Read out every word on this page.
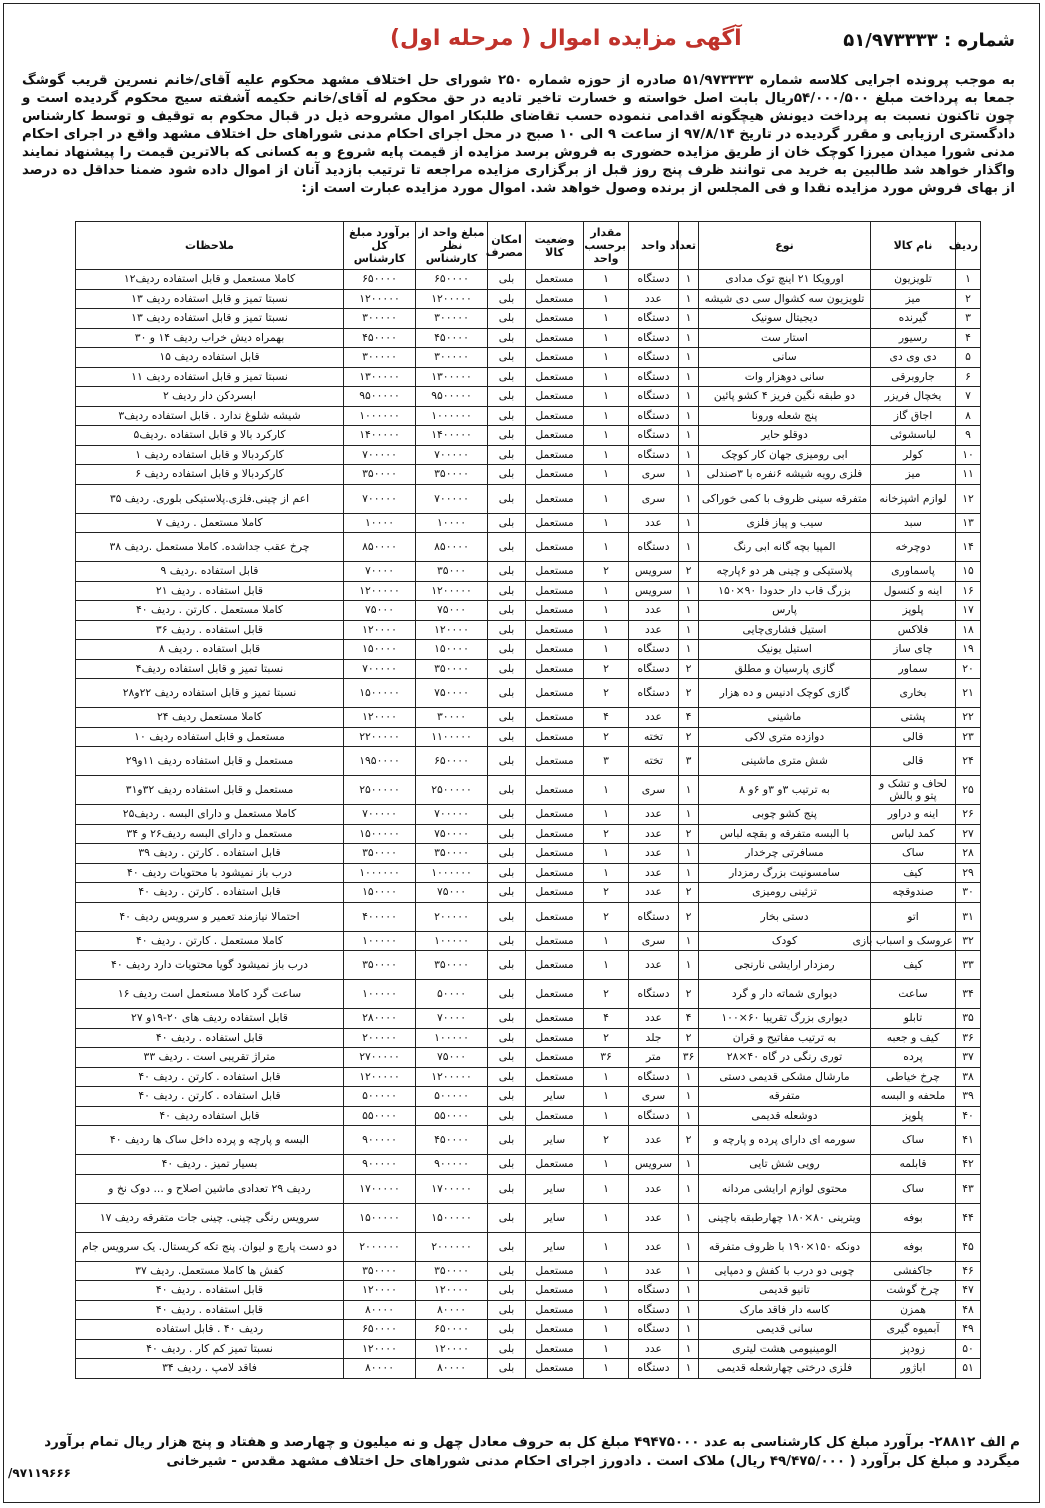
شماره : ۵۱/۹۷۳۳۳۳
آگهی مزایده اموال ( مرحله اول)
به موجب پرونده اجرایی کلاسه شماره ۵۱/۹۷۳۳۳۳ صادره از حوزه شماره ۲۵۰ شورای حل اختلاف مشهد محکوم علیه آقای/خانم نسرین قریب گوشگ جمعا به پرداخت مبلغ ۵۴/۰۰۰/۵۰۰ریال بابت اصل خواسته و خسارت تاخیر تادیه در حق محکوم له آقای/خانم حکیمه آشفته سیج محکوم گردیده است و چون تاکنون نسبت به پرداخت دیونش هیچگونه اقدامی ننموده حسب تقاضای طلبکار اموال مشروحه ذیل در قبال محکوم به توقیف و توسط کارشناس دادگستری ارزیابی و مقرر گردیده در تاریخ ۹۷/۸/۱۴ از ساعت ۹ الی ۱۰ صبح در محل اجرای احکام مدنی شوراهای حل اختلاف مشهد واقع در اجرای احکام مدنی شورا میدان میرزا کوچک خان از طریق مزایده حضوری به فروش برسد مزایده از قیمت پایه شروع و به کسانی که بالاترین قیمت را پیشنهاد نمایند واگذار خواهد شد طالبین به خرید می توانند ظرف پنج روز قبل از برگزاری مزایده مراجعه تا ترتیب بازدید آنان از اموال داده شود ضمنا حداقل ده درصد از بهای فروش مورد مزایده نقدا و فی المجلس از برنده وصول خواهد شد. اموال مورد مزایده عبارت است از:
ردیف	نام کالا	نوع	تعداد	واحد	مقدار برحسب واحد	وضعیت کالا	امکان مصرف	مبلغ واحد از نظر کارشناس	برآورد مبلغ کل کارشناس	ملاحظات
۱	تلویزیون	اورویکا ۲۱ اینچ توک مدادی	۱	دستگاه	۱	مستعمل	بلی	۶۵۰۰۰۰	۶۵۰۰۰۰	کاملا مستعمل و قابل استفاده ردیف۱۲
۲	میز	تلویزیون سه کشوال سی دی شیشه	۱	عدد	۱	مستعمل	بلی	۱۲۰۰۰۰۰	۱۲۰۰۰۰۰	نسبتا تمیز و قابل استفاده ردیف ۱۳
۳	گیرنده	دیجیتال سونیک	۱	دستگاه	۱	مستعمل	بلی	۳۰۰۰۰۰	۳۰۰۰۰۰	نسبتا تمیز و قابل استفاده ردیف ۱۳
۴	رسیور	استار ست	۱	دستگاه	۱	مستعمل	بلی	۴۵۰۰۰۰	۴۵۰۰۰۰	بهمراه دیش خراب ردیف ۱۴ و ۳۰
۵	دی وی دی	سانی	۱	دستگاه	۱	مستعمل	بلی	۳۰۰۰۰۰	۳۰۰۰۰۰	قابل استفاده ردیف ۱۵
۶	جاروبرقی	سانی دوهزار وات	۱	دستگاه	۱	مستعمل	بلی	۱۳۰۰۰۰۰	۱۳۰۰۰۰۰	نسبتا تمیز و قابل استفاده ردیف ۱۱
۷	یخچال فریزر	دو طبقه نگین فریز ۴ کشو پائین	۱	دستگاه	۱	مستعمل	بلی	۹۵۰۰۰۰۰	۹۵۰۰۰۰۰	ابسردکن دار ردیف ۲
۸	اجاق گاز	پنج شعله ورونا	۱	دستگاه	۱	مستعمل	بلی	۱۰۰۰۰۰۰	۱۰۰۰۰۰۰	شیشه شلوغ ندارد . قابل استفاده ردیف۳
۹	لباسشوئی	دوقلو حایر	۱	دستگاه	۱	مستعمل	بلی	۱۴۰۰۰۰۰	۱۴۰۰۰۰۰	کارکرد بالا و قابل استفاده .ردیف۵
۱۰	کولر	ابی رومیزی جهان کار کوچک	۱	دستگاه	۱	مستعمل	بلی	۷۰۰۰۰۰	۷۰۰۰۰۰	کارکردبالا و قابل استفاده ردیف ۱
۱۱	میز	فلزی رویه شیشه ۶نفره با ۳صندلی	۱	سری	۱	مستعمل	بلی	۳۵۰۰۰۰	۳۵۰۰۰۰	کارکردبالا و قابل استفاده ردیف ۶
۱۲	لوازم اشپزخانه	متفرقه سینی ظروف با کمی خوراکی	۱	سری	۱	مستعمل	بلی	۷۰۰۰۰۰	۷۰۰۰۰۰	اعم از چینی.فلزی.پلاستیکی بلوری. ردیف ۳۵
۱۳	سبد	سیب و پیاز فلزی	۱	عدد	۱	مستعمل	بلی	۱۰۰۰۰	۱۰۰۰۰	کاملا مستعمل . ردیف ۷
۱۴	دوچرخه	المپیا بچه گانه ابی رنگ	۱	دستگاه	۱	مستعمل	بلی	۸۵۰۰۰۰	۸۵۰۰۰۰	چرخ عقب جداشده. کاملا مستعمل .ردیف ۳۸
۱۵	پاسماوری	پلاستیکی و چینی هر دو ۶پارچه	۲	سرویس	۲	مستعمل	بلی	۳۵۰۰۰	۷۰۰۰۰	قابل استفاده .ردیف ۹
۱۶	اینه و کنسول	بزرگ قاب دار حدودا ۹۰×۱۵۰	۱	سرویس	۱	مستعمل	بلی	۱۲۰۰۰۰۰	۱۲۰۰۰۰۰	قابل استفاده . ردیف ۲۱
۱۷	پلوپز	پارس	۱	عدد	۱	مستعمل	بلی	۷۵۰۰۰	۷۵۰۰۰	کاملا مستعمل . کارتن . ردیف ۴۰
۱۸	فلاکس	استیل فشاری‌چایی	۱	عدد	۱	مستعمل	بلی	۱۲۰۰۰۰	۱۲۰۰۰۰	قابل استفاده . ردیف ۳۶
۱۹	چای ساز	استیل یونیک	۱	دستگاه	۱	مستعمل	بلی	۱۵۰۰۰۰	۱۵۰۰۰۰	قابل استفاده . ردیف ۸
۲۰	سماور	گازی پارسیان و مطلق	۲	دستگاه	۲	مستعمل	بلی	۳۵۰۰۰۰	۷۰۰۰۰۰	نسبتا تمیز و قابل استفاده ردیف۴
۲۱	بخاری	گازی کوچک ادنیس و ده هزار	۲	دستگاه	۲	مستعمل	بلی	۷۵۰۰۰۰	۱۵۰۰۰۰۰	نسبتا تمیز و قابل استفاده ردیف ۲۲و۲۸
۲۲	پشتی	ماشینی	۴	عدد	۴	مستعمل	بلی	۳۰۰۰۰	۱۲۰۰۰۰	کاملا مستعمل ردیف ۲۴
۲۳	قالی	دوازده متری لاکی	۲	تخته	۲	مستعمل	بلی	۱۱۰۰۰۰۰	۲۲۰۰۰۰۰	مستعمل و قابل استفاده ردیف ۱۰
۲۴	قالی	شش متری ماشینی	۳	تخته	۳	مستعمل	بلی	۶۵۰۰۰۰	۱۹۵۰۰۰۰	مستعمل و قابل استفاده ردیف ۱۱و۲۹
۲۵	لحاف و تشک و پتو و بالش	به ترتیب ۳و ۳و ۶و ۸	۱	سری	۱	مستعمل	بلی	۲۵۰۰۰۰۰	۲۵۰۰۰۰۰	مستعمل و قابل استفاده ردیف ۳۲و۳۱
۲۶	اینه و دراور	پنج کشو چوبی	۱	عدد	۱	مستعمل	بلی	۷۰۰۰۰۰	۷۰۰۰۰۰	کاملا مستعمل و دارای البسه . ردیف۲۵
۲۷	کمد لباس	با البسه متفرقه و بقچه لباس	۲	عدد	۲	مستعمل	بلی	۷۵۰۰۰۰	۱۵۰۰۰۰۰	مستعمل و دارای البسه ردیف۲۶ و ۳۴
۲۸	ساک	مسافرتی چرخدار	۱	عدد	۱	مستعمل	بلی	۳۵۰۰۰۰	۳۵۰۰۰۰	قابل استفاده . کارتن . ردیف ۳۹
۲۹	کیف	سامسونیت بزرگ رمزدار	۱	عدد	۱	مستعمل	بلی	۱۰۰۰۰۰۰	۱۰۰۰۰۰۰	درب باز نمیشود با محتویات ردیف ۴۰
۳۰	صندوقچه	تزئینی رومیزی	۲	عدد	۲	مستعمل	بلی	۷۵۰۰۰	۱۵۰۰۰۰	قابل استفاده . کارتن . ردیف ۴۰
۳۱	اتو	دستی بخار	۲	دستگاه	۲	مستعمل	بلی	۲۰۰۰۰۰	۴۰۰۰۰۰	احتمالا نیازمند تعمیر و سرویس ردیف ۴۰
۳۲	عروسک و اسباب بازی	کودک	۱	سری	۱	مستعمل	بلی	۱۰۰۰۰۰	۱۰۰۰۰۰	کاملا مستعمل . کارتن . ردیف ۴۰
۳۳	کیف	رمزدار ارایشی نارنجی	۱	عدد	۱	مستعمل	بلی	۳۵۰۰۰۰	۳۵۰۰۰۰	درب باز نمیشود گویا محتویات دارد ردیف ۴۰
۳۴	ساعت	دیواری شماته دار و گرد	۲	دستگاه	۲	مستعمل	بلی	۵۰۰۰۰	۱۰۰۰۰۰	ساعت گرد کاملا مستعمل است ردیف ۱۶
۳۵	تابلو	دیواری بزرگ تقریبا ۶۰×۱۰۰	۴	عدد	۴	مستعمل	بلی	۷۰۰۰۰	۲۸۰۰۰۰	قابل استفاده ردیف های ۲۰-۱۹و ۲۷
۳۶	کیف و جعبه	به ترتیب مفاتیح و قران	۲	جلد	۲	مستعمل	بلی	۱۰۰۰۰۰	۲۰۰۰۰۰	قابل استفاده . ردیف ۴۰
۳۷	پرده	توری رنگی در گاه ۴۰×۲۸	۳۶	متر	۳۶	مستعمل	بلی	۷۵۰۰۰	۲۷۰۰۰۰۰	متراژ تقریبی است . ردیف ۳۳
۳۸	چرخ خیاطی	مارشال مشکی قدیمی دستی	۱	دستگاه	۱	مستعمل	بلی	۱۲۰۰۰۰۰	۱۲۰۰۰۰۰	قابل استفاده . کارتن . ردیف ۴۰
۳۹	ملحفه و البسه	متفرقه	۱	سری	۱	سایر	بلی	۵۰۰۰۰۰	۵۰۰۰۰۰	قابل استفاده . کارتن . ردیف ۴۰
۴۰	پلوپز	دوشعله قدیمی	۱	دستگاه	۱	مستعمل	بلی	۵۵۰۰۰۰	۵۵۰۰۰۰	قابل استفاده ردیف ۴۰
۴۱	ساک	سورمه ای دارای پرده و پارچه و	۲	عدد	۲	سایر	بلی	۴۵۰۰۰۰	۹۰۰۰۰۰	البسه و پارچه و پرده داخل ساک ها ردیف ۴۰
۴۲	قابلمه	رویی شش تایی	۱	سرویس	۱	مستعمل	بلی	۹۰۰۰۰۰	۹۰۰۰۰۰	بسیار تمیز . ردیف ۴۰
۴۳	ساک	محتوی لوازم ارایشی مردانه	۱	عدد	۱	سایر	بلی	۱۷۰۰۰۰۰	۱۷۰۰۰۰۰	ردیف ۲۹ تعدادی ماشین اصلاح و ... دوک نخ و
۴۴	بوفه	ویترینی ۸۰×۱۸۰ چهارطبقه باچینی	۱	عدد	۱	سایر	بلی	۱۵۰۰۰۰۰	۱۵۰۰۰۰۰	سرویس رنگی چینی. چینی جات متفرقه ردیف ۱۷
۴۵	بوفه	دونکه ۱۵۰×۱۹۰ با ظروف متفرقه	۱	عدد	۱	سایر	بلی	۲۰۰۰۰۰۰	۲۰۰۰۰۰۰	دو دست پارچ و لیوان. پنج تکه کریستال. یک سرویس جام
۴۶	جاکفشی	چوبی دو درب با کفش و دمپایی	۱	عدد	۱	مستعمل	بلی	۳۵۰۰۰۰	۳۵۰۰۰۰	کفش ها کاملا مستعمل. ردیف ۳۷
۴۷	چرخ گوشت	تانیو قدیمی	۱	دستگاه	۱	مستعمل	بلی	۱۲۰۰۰۰	۱۲۰۰۰۰	قابل استفاده . ردیف ۴۰
۴۸	همزن	کاسه دار فاقد مارک	۱	دستگاه	۱	مستعمل	بلی	۸۰۰۰۰	۸۰۰۰۰	قابل استفاده . ردیف ۴۰
۴۹	آبمیوه گیری	سانی قدیمی	۱	دستگاه	۱	مستعمل	بلی	۶۵۰۰۰۰	۶۵۰۰۰۰	ردیف ۴۰ . قابل استفاده
۵۰	زودپز	الومینیومی هشت لیتری	۱	عدد	۱	مستعمل	بلی	۱۲۰۰۰۰	۱۲۰۰۰۰	نسبتا تمیز کم کار . ردیف ۴۰
۵۱	اباژور	فلزی درختی چهارشعله قدیمی	۱	دستگاه	۱	مستعمل	بلی	۸۰۰۰۰	۸۰۰۰۰	فاقد لامپ . ردیف ۳۴
م الف ۲۸۸۱۲- برآورد مبلغ کل کارشناسی به عدد ۴۹۴۷۵۰۰۰ مبلغ کل به حروف معادل چهل و نه میلیون و چهارصد و هفتاد و پنج هزار ریال تمام برآورد میگردد و مبلغ کل برآورد ( ۴۹/۴۷۵/۰۰۰ ریال) ملاک است . دادورز اجرای احکام مدنی شوراهای حل اختلاف مشهد مقدس - شیرخانی
/۹۷۱۱۹۶۶۶
